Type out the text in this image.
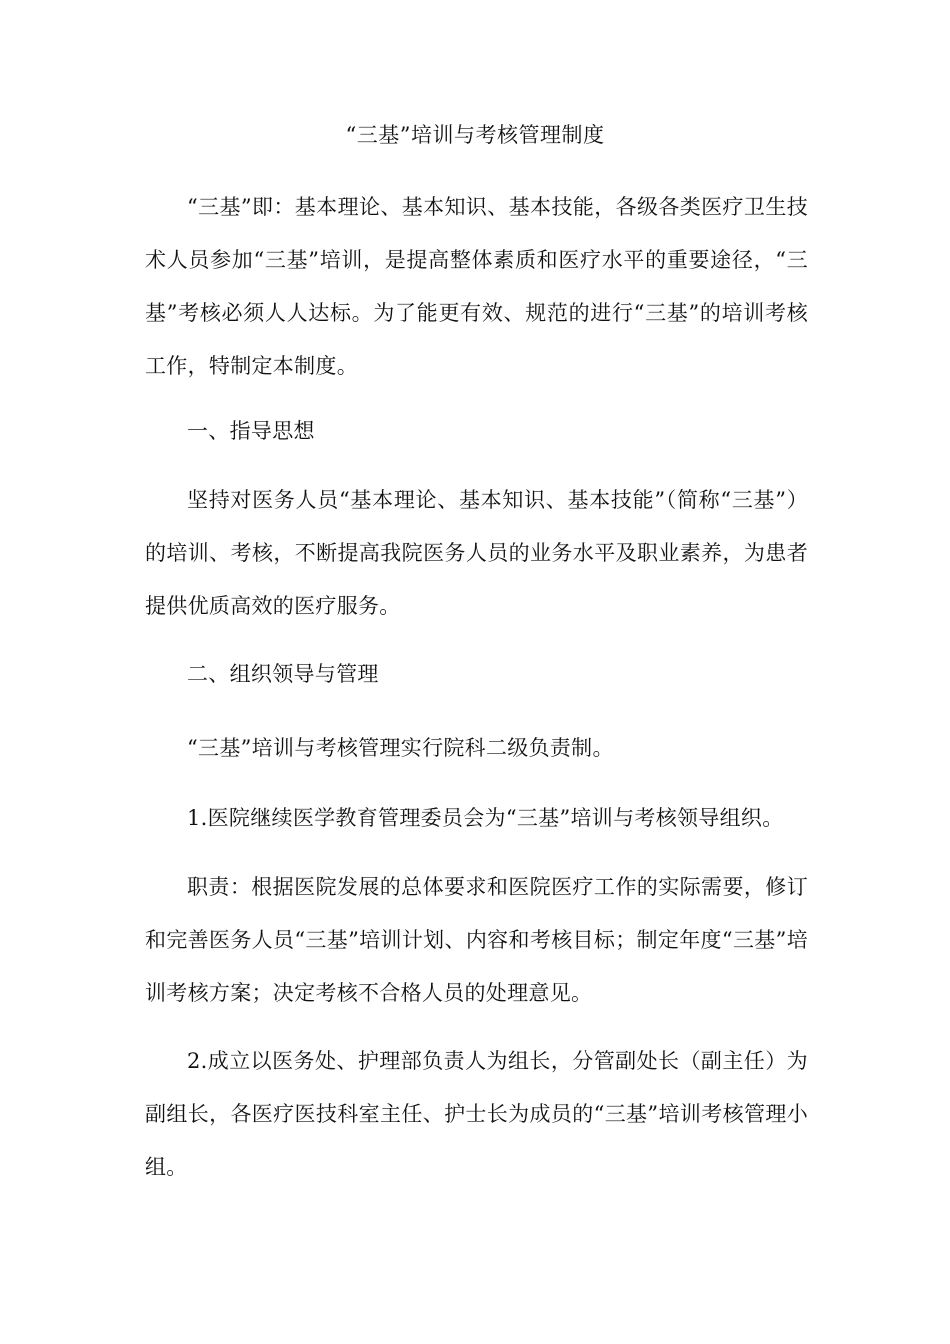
“三基”培训与考核管理制度

“三基”即：基本理论、基本知识、基本技能，各级各类医疗卫生技术人员参加“三基”培训，是提高整体素质和医疗水平的重要途径，“三基”考核必须人人达标。为了能更有效、规范的进行“三基”的培训考核工作，特制定本制度。

一、指导思想

坚持对医务人员“基本理论、基本知识、基本技能”（简称“三基”）的培训、考核，不断提高我院医务人员的业务水平及职业素养，为患者提供优质高效的医疗服务。

二、组织领导与管理

“三基”培训与考核管理实行院科二级负责制。

1.医院继续医学教育管理委员会为“三基”培训与考核领导组织。

职责：根据医院发展的总体要求和医院医疗工作的实际需要，修订和完善医务人员“三基”培训计划、内容和考核目标；制定年度“三基”培训考核方案；决定考核不合格人员的处理意见。

2.成立以医务处、护理部负责人为组长，分管副处长（副主任）为副组长，各医疗医技科室主任、护士长为成员的“三基”培训考核管理小组。
